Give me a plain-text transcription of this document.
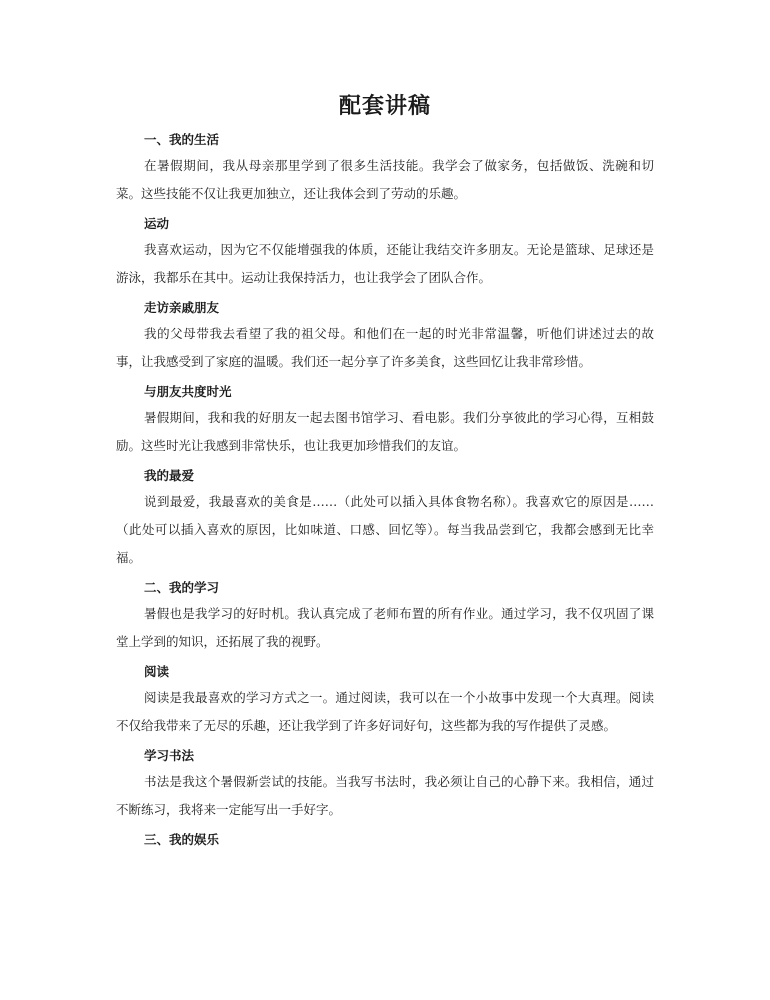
配套讲稿
一、我的生活
在暑假期间，我从母亲那里学到了很多生活技能。我学会了做家务，包括做饭、洗碗和切菜。这些技能不仅让我更加独立，还让我体会到了劳动的乐趣。
运动
我喜欢运动，因为它不仅能增强我的体质，还能让我结交许多朋友。无论是篮球、足球还是游泳，我都乐在其中。运动让我保持活力，也让我学会了团队合作。
走访亲戚朋友
我的父母带我去看望了我的祖父母。和他们在一起的时光非常温馨，听他们讲述过去的故事，让我感受到了家庭的温暖。我们还一起分享了许多美食，这些回忆让我非常珍惜。
与朋友共度时光
暑假期间，我和我的好朋友一起去图书馆学习、看电影。我们分享彼此的学习心得，互相鼓励。这些时光让我感到非常快乐，也让我更加珍惜我们的友谊。
我的最爱
说到最爱，我最喜欢的美食是……（此处可以插入具体食物名称）。我喜欢它的原因是……（此处可以插入喜欢的原因，比如味道、口感、回忆等）。每当我品尝到它，我都会感到无比幸福。
二、我的学习
暑假也是我学习的好时机。我认真完成了老师布置的所有作业。通过学习，我不仅巩固了课堂上学到的知识，还拓展了我的视野。
阅读
阅读是我最喜欢的学习方式之一。通过阅读，我可以在一个小故事中发现一个大真理。阅读不仅给我带来了无尽的乐趣，还让我学到了许多好词好句，这些都为我的写作提供了灵感。
学习书法
书法是我这个暑假新尝试的技能。当我写书法时，我必须让自己的心静下来。我相信，通过不断练习，我将来一定能写出一手好字。
三、我的娱乐
